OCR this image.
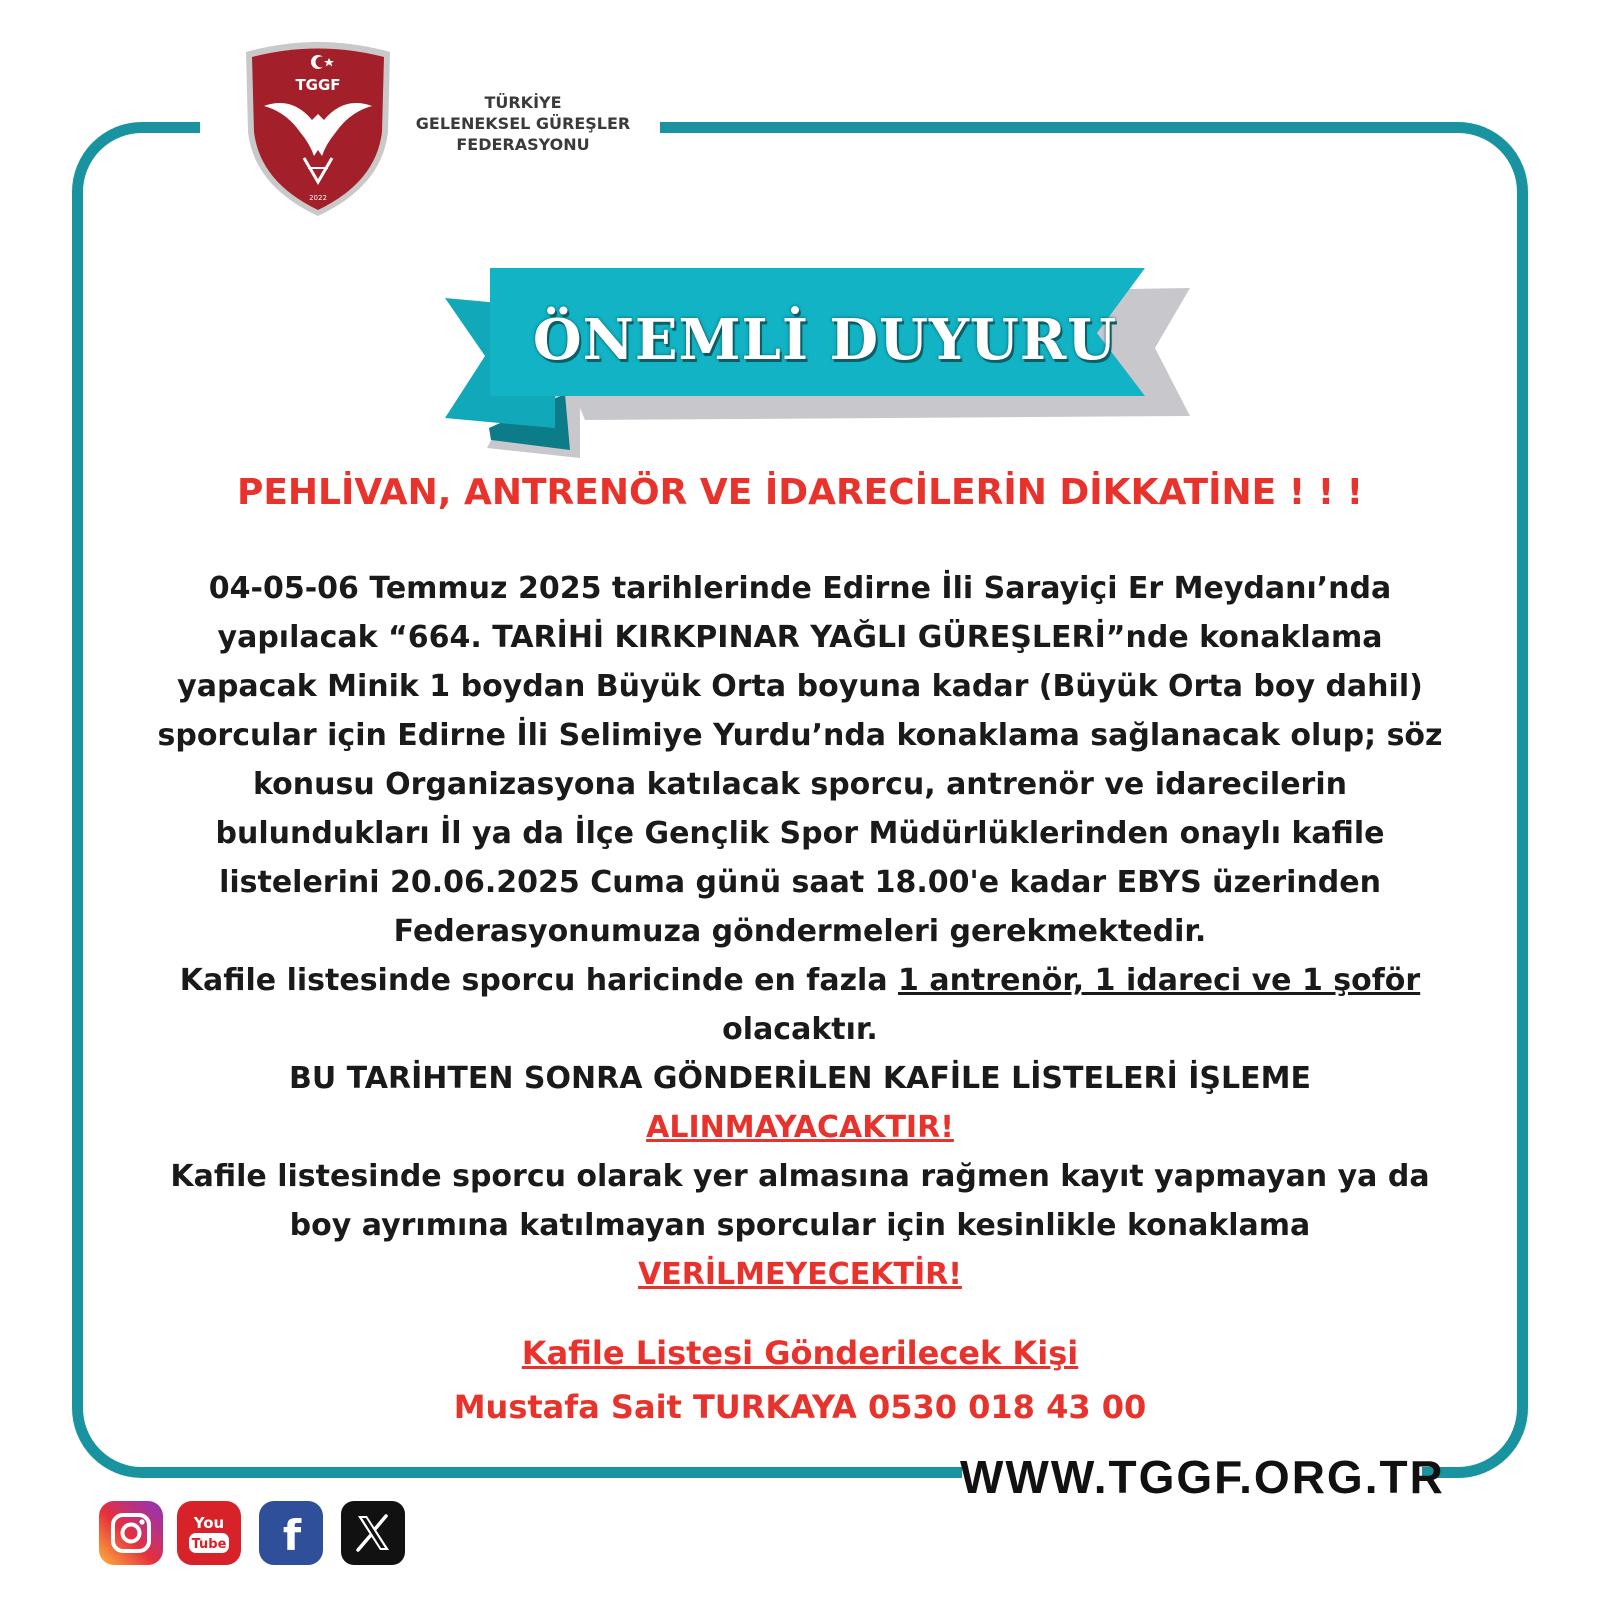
TGGF
2022
TÜRKİYE
GELENEKSEL GÜREŞLER
FEDERASYONU
ÖNEMLİ DUYURU
PEHLİVAN, ANTRENÖR VE İDARECİLERİN DİKKATİNE ! ! !
04-05-06 Temmuz 2025 tarihlerinde Edirne İli Sarayiçi Er Meydanı’nda
yapılacak “664. TARİHİ KIRKPINAR YAĞLI GÜREŞLERİ”nde konaklama
yapacak Minik 1 boydan Büyük Orta boyuna kadar (Büyük Orta boy dahil)
sporcular için Edirne İli Selimiye Yurdu’nda konaklama sağlanacak olup; söz
konusu Organizasyona katılacak sporcu, antrenör ve idarecilerin
bulundukları İl ya da İlçe Gençlik Spor Müdürlüklerinden onaylı kafile
listelerini 20.06.2025 Cuma günü saat 18.00'e kadar EBYS üzerinden
Federasyonumuza göndermeleri gerekmektedir.
Kafile listesinde sporcu haricinde en fazla 1 antrenör, 1 idareci ve 1 şoför
olacaktır.
BU TARİHTEN SONRA GÖNDERİLEN KAFİLE LİSTELERİ İŞLEME
ALINMAYACAKTIR!
Kafile listesinde sporcu olarak yer almasına rağmen kayıt yapmayan ya da
boy ayrımına katılmayan sporcular için kesinlikle konaklama
VERİLMEYECEKTİR!
Kafile Listesi Gönderilecek Kişi
Mustafa Sait TURKAYA 0530 018 43 00
WWW.TGGF.ORG.TR
You
Tube f
